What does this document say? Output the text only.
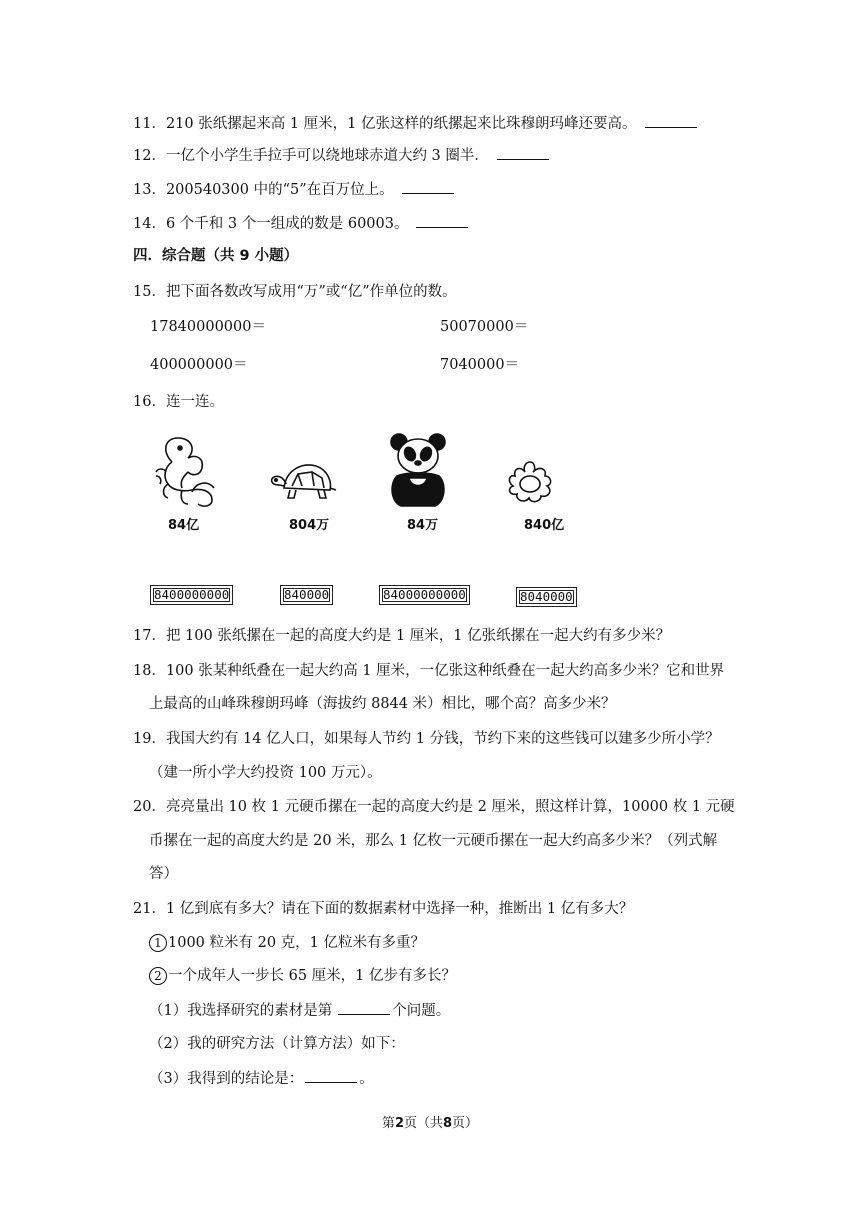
11．210 张纸摞起来高 1 厘米，1 亿张这样的纸摞起来比珠穆朗玛峰还要高。
12．一亿个小学生手拉手可以绕地球赤道大约 3 圈半．
13．200540300 中的“5”在百万位上。
14．6 个千和 3 个一组成的数是 60003。
四．综合题（共 9 小题）
15．把下面各数改写成用“万”或“亿”作单位的数。
17840000000＝	50070000＝
400000000＝	7040000＝
16．连一连。
84亿	804万	84万	840亿
8400000000	840000	84000000000	8040000
17．把 100 张纸摞在一起的高度大约是 1 厘米，1 亿张纸摞在一起大约有多少米？
18．100 张某种纸叠在一起大约高 1 厘米，一亿张这种纸叠在一起大约高多少米？它和世界
上最高的山峰珠穆朗玛峰（海拔约 8844 米）相比，哪个高？高多少米？
19．我国大约有 14 亿人口，如果每人节约 1 分钱，节约下来的这些钱可以建多少所小学？
（建一所小学大约投资 100 万元）。
20．亮亮量出 10 枚 1 元硬币摞在一起的高度大约是 2 厘米，照这样计算，10000 枚 1 元硬
币摞在一起的高度大约是 20 米，那么 1 亿枚一元硬币摞在一起大约高多少米？（列式解
答）
21．1 亿到底有多大？请在下面的数据素材中选择一种，推断出 1 亿有多大？
1 1000 粒米有 20 克，1 亿粒米有多重？
2 一个成年人一步长 65 厘米，1 亿步有多长？
（1）我选择研究的素材是第	个问题。
（2）我的研究方法（计算方法）如下：
（3）我得到的结论是：	。
第2页（共8页）
